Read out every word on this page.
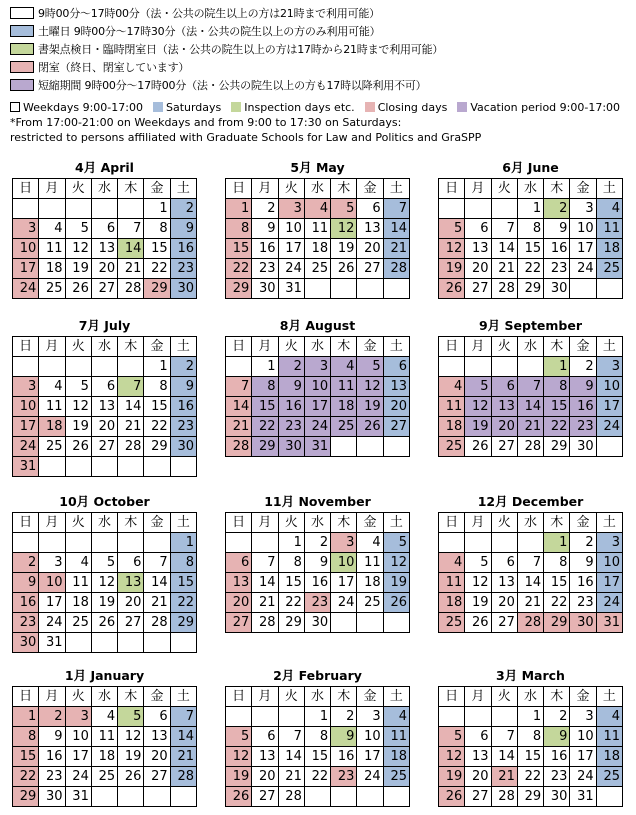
9時00分～17時00分（法・公共の院生以上の方は21時まで利用可能）
土曜日 9時00分～17時30分（法・公共の院生以上の方のみ利用可能）
書架点検日・臨時閉室日（法・公共の院生以上の方は17時から21時まで利用可能）
閉室（終日、閉室しています）
短縮期間 9時00分～17時00分（法・公共の院生以上の方も17時以降利用不可）
Weekdays 9:00-17:00 Saturdays Inspection days etc. Closing days Vacation period 9:00-17:00
*From 17:00-21:00 on Weekdays and from 9:00 to 17:30 on Saturdays:
restricted to persons affiliated with Graduate Schools for Law and Politics and GraSPP
4月 April
日	月	火	水	木	金	土
					1	2
3	4	5	6	7	8	9
10	11	12	13	14	15	16
17	18	19	20	21	22	23
24	25	26	27	28	29	30
5月 May
日	月	火	水	木	金	土
1	2	3	4	5	6	7
8	9	10	11	12	13	14
15	16	17	18	19	20	21
22	23	24	25	26	27	28
29	30	31				
6月 June
日	月	火	水	木	金	土
			1	2	3	4
5	6	7	8	9	10	11
12	13	14	15	16	17	18
19	20	21	22	23	24	25
26	27	28	29	30		
7月 July
日	月	火	水	木	金	土
					1	2
3	4	5	6	7	8	9
10	11	12	13	14	15	16
17	18	19	20	21	22	23
24	25	26	27	28	29	30
31						
8月 August
日	月	火	水	木	金	土
	1	2	3	4	5	6
7	8	9	10	11	12	13
14	15	16	17	18	19	20
21	22	23	24	25	26	27
28	29	30	31			
9月 September
日	月	火	水	木	金	土
				1	2	3
4	5	6	7	8	9	10
11	12	13	14	15	16	17
18	19	20	21	22	23	24
25	26	27	28	29	30	
10月 October
日	月	火	水	木	金	土
						1
2	3	4	5	6	7	8
9	10	11	12	13	14	15
16	17	18	19	20	21	22
23	24	25	26	27	28	29
30	31					
11月 November
日	月	火	水	木	金	土
		1	2	3	4	5
6	7	8	9	10	11	12
13	14	15	16	17	18	19
20	21	22	23	24	25	26
27	28	29	30			
12月 December
日	月	火	水	木	金	土
				1	2	3
4	5	6	7	8	9	10
11	12	13	14	15	16	17
18	19	20	21	22	23	24
25	26	27	28	29	30	31
1月 January
日	月	火	水	木	金	土
1	2	3	4	5	6	7
8	9	10	11	12	13	14
15	16	17	18	19	20	21
22	23	24	25	26	27	28
29	30	31				
2月 February
日	月	火	水	木	金	土
			1	2	3	4
5	6	7	8	9	10	11
12	13	14	15	16	17	18
19	20	21	22	23	24	25
26	27	28				
3月 March
日	月	火	水	木	金	土
			1	2	3	4
5	6	7	8	9	10	11
12	13	14	15	16	17	18
19	20	21	22	23	24	25
26	27	28	29	30	31	
